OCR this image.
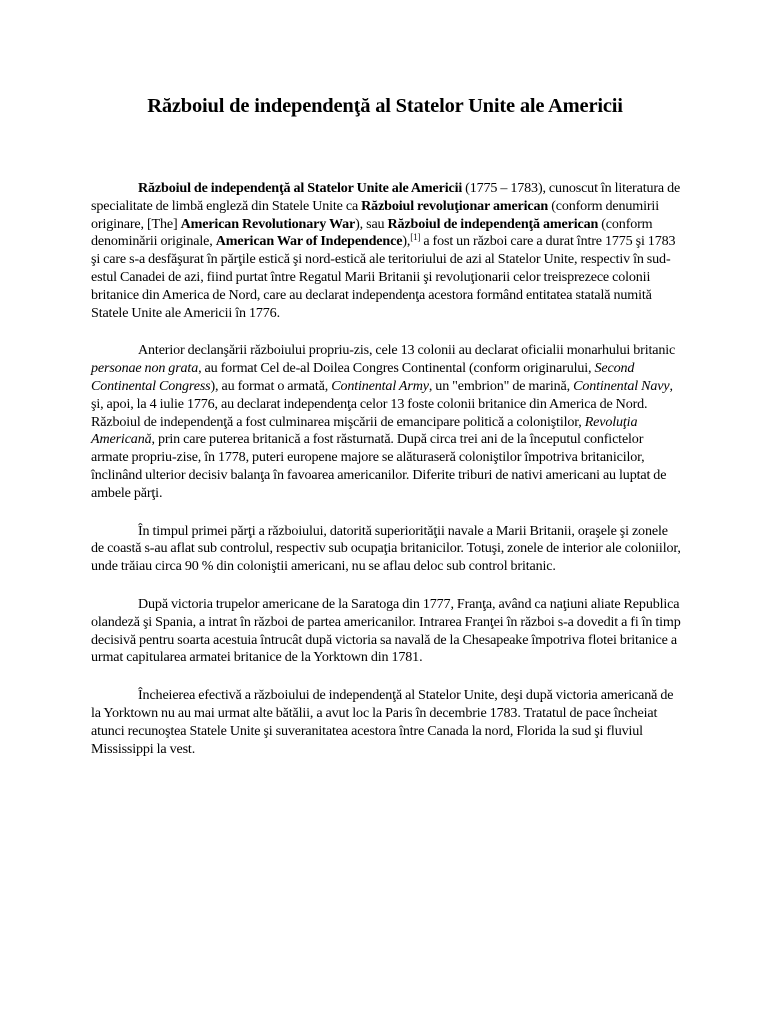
Războiul de independenţă al Statelor Unite ale Americii

Războiul de independenţă al Statelor Unite ale Americii (1775 – 1783), cunoscut în literatura de specialitate de limbă engleză din Statele Unite ca Războiul revoluţionar american (conform denumirii originare, [The] American Revolutionary War), sau Războiul de independenţă american (conform denominării originale, American War of Independence),[1] a fost un război care a durat între 1775 şi 1783 şi care s-a desfăşurat în părţile estică şi nord-estică ale teritoriului de azi al Statelor Unite, respectiv în sud-estul Canadei de azi, fiind purtat între Regatul Marii Britanii şi revoluţionarii celor treisprezece colonii britanice din America de Nord, care au declarat independenţa acestora formând entitatea statală numită Statele Unite ale Americii în 1776.

Anterior declanşării războiului propriu-zis, cele 13 colonii au declarat oficialii monarhului britanic personae non grata, au format Cel de-al Doilea Congres Continental (conform originarului, Second Continental Congress), au format o armată, Continental Army, un "embrion" de marină, Continental Navy, şi, apoi, la 4 iulie 1776, au declarat independenţa celor 13 foste colonii britanice din America de Nord. Războiul de independenţă a fost culminarea mişcării de emancipare politică a coloniştilor, Revoluţia Americană, prin care puterea britanică a fost răsturnată. După circa trei ani de la începutul confictelor armate propriu-zise, în 1778, puteri europene majore se alăturaseră coloniştilor împotriva britanicilor, înclinând ulterior decisiv balanţa în favoarea americanilor. Diferite triburi de nativi americani au luptat de ambele părţi.

În timpul primei părţi a războiului, datorită superiorităţii navale a Marii Britanii, oraşele şi zonele de coastă s-au aflat sub controlul, respectiv sub ocupaţia britanicilor. Totuşi, zonele de interior ale coloniilor, unde trăiau circa 90 % din coloniştii americani, nu se aflau deloc sub control britanic.

După victoria trupelor americane de la Saratoga din 1777, Franţa, având ca naţiuni aliate Republica olandeză şi Spania, a intrat în război de partea americanilor. Intrarea Franţei în război s-a dovedit a fi în timp decisivă pentru soarta acestuia întrucât după victoria sa navală de la Chesapeake împotriva flotei britanice a urmat capitularea armatei britanice de la Yorktown din 1781.

Încheierea efectivă a războiului de independenţă al Statelor Unite, deşi după victoria americană de la Yorktown nu au mai urmat alte bătălii, a avut loc la Paris în decembrie 1783. Tratatul de pace încheiat atunci recunoştea Statele Unite şi suveranitatea acestora între Canada la nord, Florida la sud şi fluviul Mississippi la vest.
